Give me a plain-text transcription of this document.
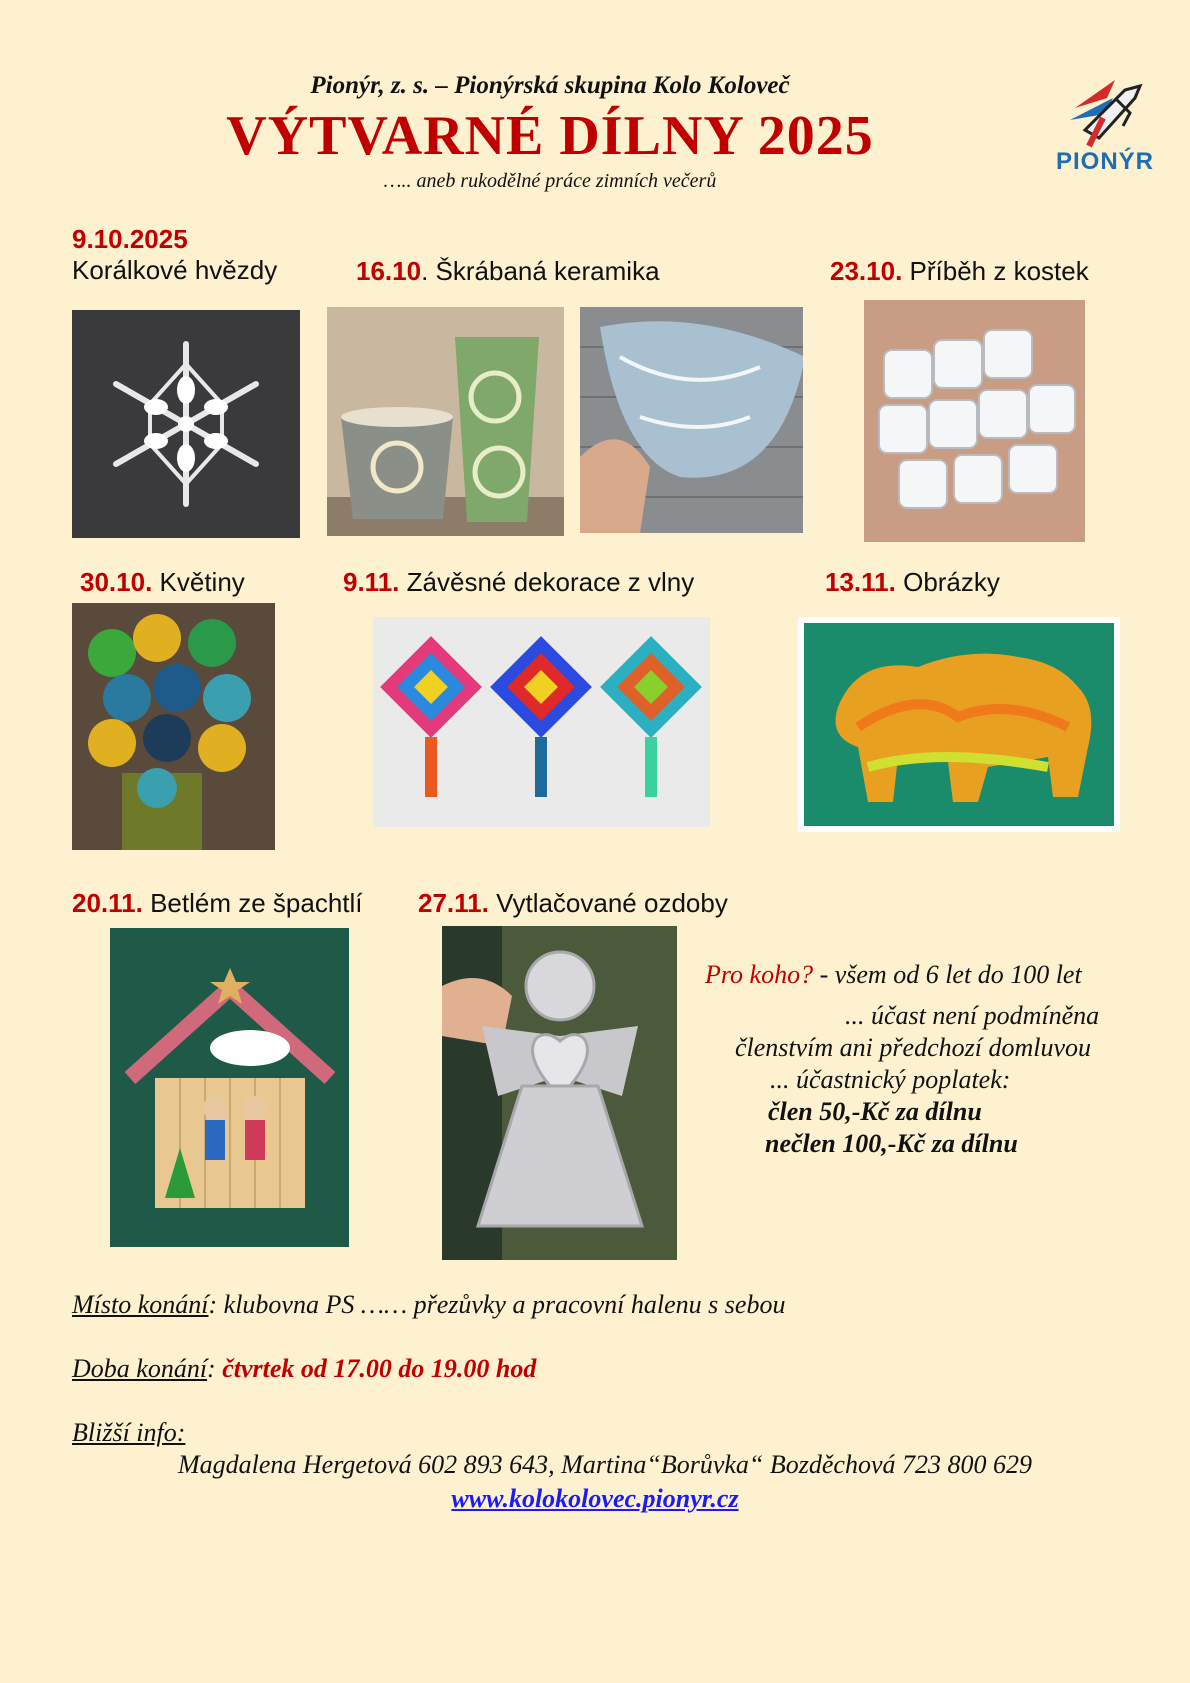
Pionýr, z. s. – Pionýrská skupina Kolo Koloveč
VÝTVARNÉ DÍLNY 2025
….. aneb rukodělné práce zimních večerů
PIONÝR
9.10.2025
Korálkové hvězdy	16.10. Škrábaná keramika	23.10. Příběh z kostek
30.10. Květiny	9.11. Závěsné dekorace z vlny	13.11. Obrázky
20.11. Betlém ze špachtlí 27.11. Vytlačované ozdoby
Pro koho? - všem od 6 let do 100 let
... účast není podmíněna
členstvím ani předchozí domluvou
... účastnický poplatek:
člen 50,-Kč za dílnu
nečlen 100,-Kč za dílnu
Místo konání: klubovna PS …… přezůvky a pracovní halenu s sebou
Doba konání: čtvrtek od 17.00 do 19.00 hod
Bližší info:
Magdalena Hergetová 602 893 643, Martina“Borůvka“ Bozděchová 723 800 629
www.kolokolovec.pionyr.cz
